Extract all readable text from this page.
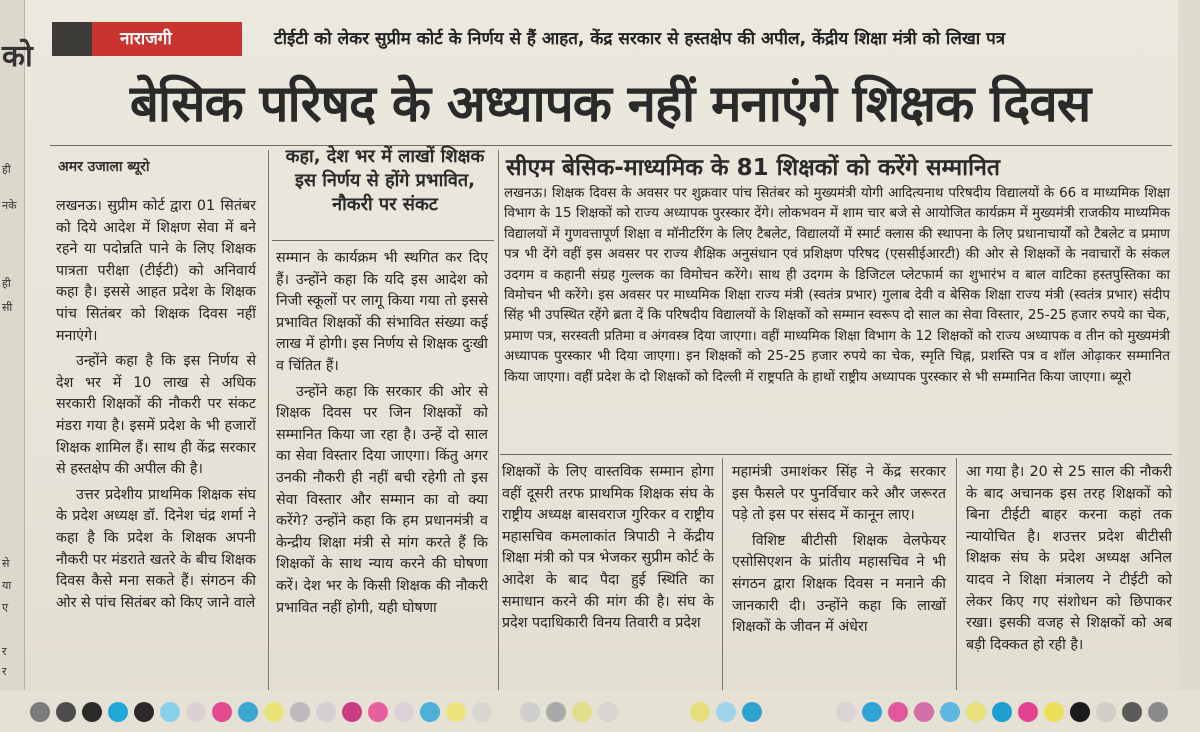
को
ही
नके
ही
सी
से
या
ए
र
र
नाराजगी	टीईटी को लेकर सुप्रीम कोर्ट के निर्णय से हैं आहत, केंद्र सरकार से हस्तक्षेप की अपील, केंद्रीय शिक्षा मंत्री को लिखा पत्र
बेसिक परिषद के अध्यापक नहीं मनाएंगे शिक्षक दिवस
अमर उजाला ब्यूरो

लखनऊ। सुप्रीम कोर्ट द्वारा 01 सितंबर को दिये आदेश में शिक्षण सेवा में बने रहने या पदोन्नति पाने के लिए शिक्षक पात्रता परीक्षा (टीईटी) को अनिवार्य कहा है। इससे आहत प्रदेश के शिक्षक पांच सितंबर को शिक्षक दिवस नहीं मनाएंगे।

उन्होंने कहा है कि इस निर्णय से देश भर में 10 लाख से अधिक सरकारी शिक्षकों की नौकरी पर संकट मंडरा गया है। इसमें प्रदेश के भी हजारों शिक्षक शामिल हैं। साथ ही केंद्र सरकार से हस्तक्षेप की अपील की है।

उत्तर प्रदेशीय प्राथमिक शिक्षक संघ के प्रदेश अध्यक्ष डॉ. दिनेश चंद्र शर्मा ने कहा है कि प्रदेश के शिक्षक अपनी नौकरी पर मंडराते खतरे के बीच शिक्षक दिवस कैसे मना सकते हैं। संगठन की ओर से पांच सितंबर को किए जाने वाले

कहा, देश भर में लाखों शिक्षक इस निर्णय से होंगे प्रभावित, नौकरी पर संकट

सम्मान के कार्यक्रम भी स्थगित कर दिए हैं। उन्होंने कहा कि यदि इस आदेश को निजी स्कूलों पर लागू किया गया तो इससे प्रभावित शिक्षकों की संभावित संख्या कई लाख में होगी। इस निर्णय से शिक्षक दुःखी व चिंतित हैं।

उन्होंने कहा कि सरकार की ओर से शिक्षक दिवस पर जिन शिक्षकों को सम्मानित किया जा रहा है। उन्हें दो साल का सेवा विस्तार दिया जाएगा। किंतु अगर उनकी नौकरी ही नहीं बची रहेगी तो इस सेवा विस्तार और सम्मान का वो क्या करेंगे? उन्होंने कहा कि हम प्रधानमंत्री व केन्द्रीय शिक्षा मंत्री से मांग करते हैं कि शिक्षकों के साथ न्याय करने की घोषणा करें। देश भर के किसी शिक्षक की नौकरी प्रभावित नहीं होगी, यही घोषणा

सीएम बेसिक-माध्यमिक के 81 शिक्षकों को करेंगे सम्मानित
लखनऊ। शिक्षक दिवस के अवसर पर शुक्रवार पांच सितंबर को मुख्यमंत्री योगी आदित्यनाथ परिषदीय विद्यालयों के 66 व माध्यमिक शिक्षा विभाग के 15 शिक्षकों को राज्य अध्यापक पुरस्कार देंगे। लोकभवन में शाम चार बजे से आयोजित कार्यक्रम में मुख्यमंत्री राजकीय माध्यमिक विद्यालयों में गुणवत्तापूर्ण शिक्षा व मॉनीटरिंग के लिए टैबलेट, विद्यालयों में स्मार्ट क्लास की स्थापना के लिए प्रधानाचार्यों को टैबलेट व प्रमाण पत्र भी देंगे वहीं इस अवसर पर राज्य शैक्षिक अनुसंधान एवं प्रशिक्षण परिषद (एससीईआरटी) की ओर से शिक्षकों के नवाचारों के संकल उदगम व कहानी संग्रह गुल्लक का विमोचन करेंगे। साथ ही उदगम के डिजिटल प्लेटफार्म का शुभारंभ व बाल वाटिका हस्तपुस्तिका का विमोचन भी करेंगे। इस अवसर पर माध्यमिक शिक्षा राज्य मंत्री (स्वतंत्र प्रभार) गुलाब देवी व बेसिक शिक्षा राज्य मंत्री (स्वतंत्र प्रभार) संदीप सिंह भी उपस्थित रहेंगे ब्रता दें कि परिषदीय विद्यालयों के शिक्षकों को सम्मान स्वरूप दो साल का सेवा विस्तार, 25-25 हजार रुपये का चेक, प्रमाण पत्र, सरस्वती प्रतिमा व अंगवस्त्र दिया जाएगा। वहीं माध्यमिक शिक्षा विभाग के 12 शिक्षकों को राज्य अध्यापक व तीन को मुख्यमंत्री अध्यापक पुरस्कार भी दिया जाएगा। इन शिक्षकों को 25-25 हजार रुपये का चेक, स्मृति चिह्न, प्रशस्ति पत्र व शॉल ओढ़ाकर सम्मानित किया जाएगा। वहीं प्रदेश के दो शिक्षकों को दिल्ली में राष्ट्रपति के हाथों राष्ट्रीय अध्यापक पुरस्कार से भी सम्मानित किया जाएगा। ब्यूरो

शिक्षकों के लिए वास्तविक सम्मान होगा वहीं दूसरी तरफ प्राथमिक शिक्षक संघ के राष्ट्रीय अध्यक्ष बासवराज गुरिकर व राष्ट्रीय महासचिव कमलाकांत त्रिपाठी ने केंद्रीय शिक्षा मंत्री को पत्र भेजकर सुप्रीम कोर्ट के आदेश के बाद पैदा हुई स्थिति का समाधान करने की मांग की है। संघ के प्रदेश पदाधिकारी विनय तिवारी व प्रदेश

महामंत्री उमाशंकर सिंह ने केंद्र सरकार इस फैसले पर पुनर्विचार करे और जरूरत पड़े तो इस पर संसद में कानून लाए।

विशिष्ट बीटीसी शिक्षक वेलफेयर एसोसिएशन के प्रांतीय महासचिव ने भी संगठन द्वारा शिक्षक दिवस न मनाने की जानकारी दी। उन्होंने कहा कि लाखों शिक्षकों के जीवन में अंधेरा

आ गया है। 20 से 25 साल की नौकरी के बाद अचानक इस तरह शिक्षकों को बिना टीईटी बाहर करना कहां तक न्यायोचित है। शउत्तर प्रदेश बीटीसी शिक्षक संघ के प्रदेश अध्यक्ष अनिल यादव ने शिक्षा मंत्रालय ने टीईटी को लेकर किए गए संशोधन को छिपाकर रखा। इसकी वजह से शिक्षकों को अब बड़ी दिक्कत हो रही है।
